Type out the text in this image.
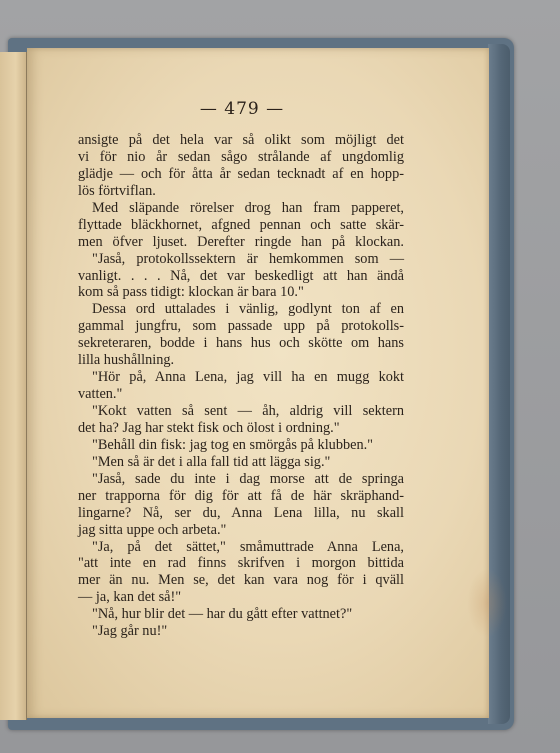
— 479 —
ansigte på det hela var så olikt som möjligt det
vi för nio år sedan sågo strålande af ungdomlig
glädje — och för åtta år sedan tecknadt af en hopp-
lös förtviflan.
Med släpande rörelser drog han fram papperet,
flyttade bläckhornet, afgned pennan och satte skär-
men öfver ljuset. Derefter ringde han på klockan.
"Jaså, protokollssektern är hemkommen som —
vanligt. . . . Nå, det var beskedligt att han ändå
kom så pass tidigt: klockan är bara 10."
Dessa ord uttalades i vänlig, godlynt ton af en
gammal jungfru, som passade upp på protokolls-
sekreteraren, bodde i hans hus och skötte om hans
lilla hushållning.
"Hör på, Anna Lena, jag vill ha en mugg kokt
vatten."
"Kokt vatten så sent — åh, aldrig vill sektern
det ha? Jag har stekt fisk och ölost i ordning."
"Behåll din fisk: jag tog en smörgås på klubben."
"Men så är det i alla fall tid att lägga sig."
"Jaså, sade du inte i dag morse att de springa
ner trapporna för dig för att få de här skräphand-
lingarne? Nå, ser du, Anna Lena lilla, nu skall
jag sitta uppe och arbeta."
"Ja, på det sättet," småmuttrade Anna Lena,
"att inte en rad finns skrifven i morgon bittida
mer än nu. Men se, det kan vara nog för i qväll
— ja, kan det så!"
"Nå, hur blir det — har du gått efter vattnet?"
"Jag går nu!"
